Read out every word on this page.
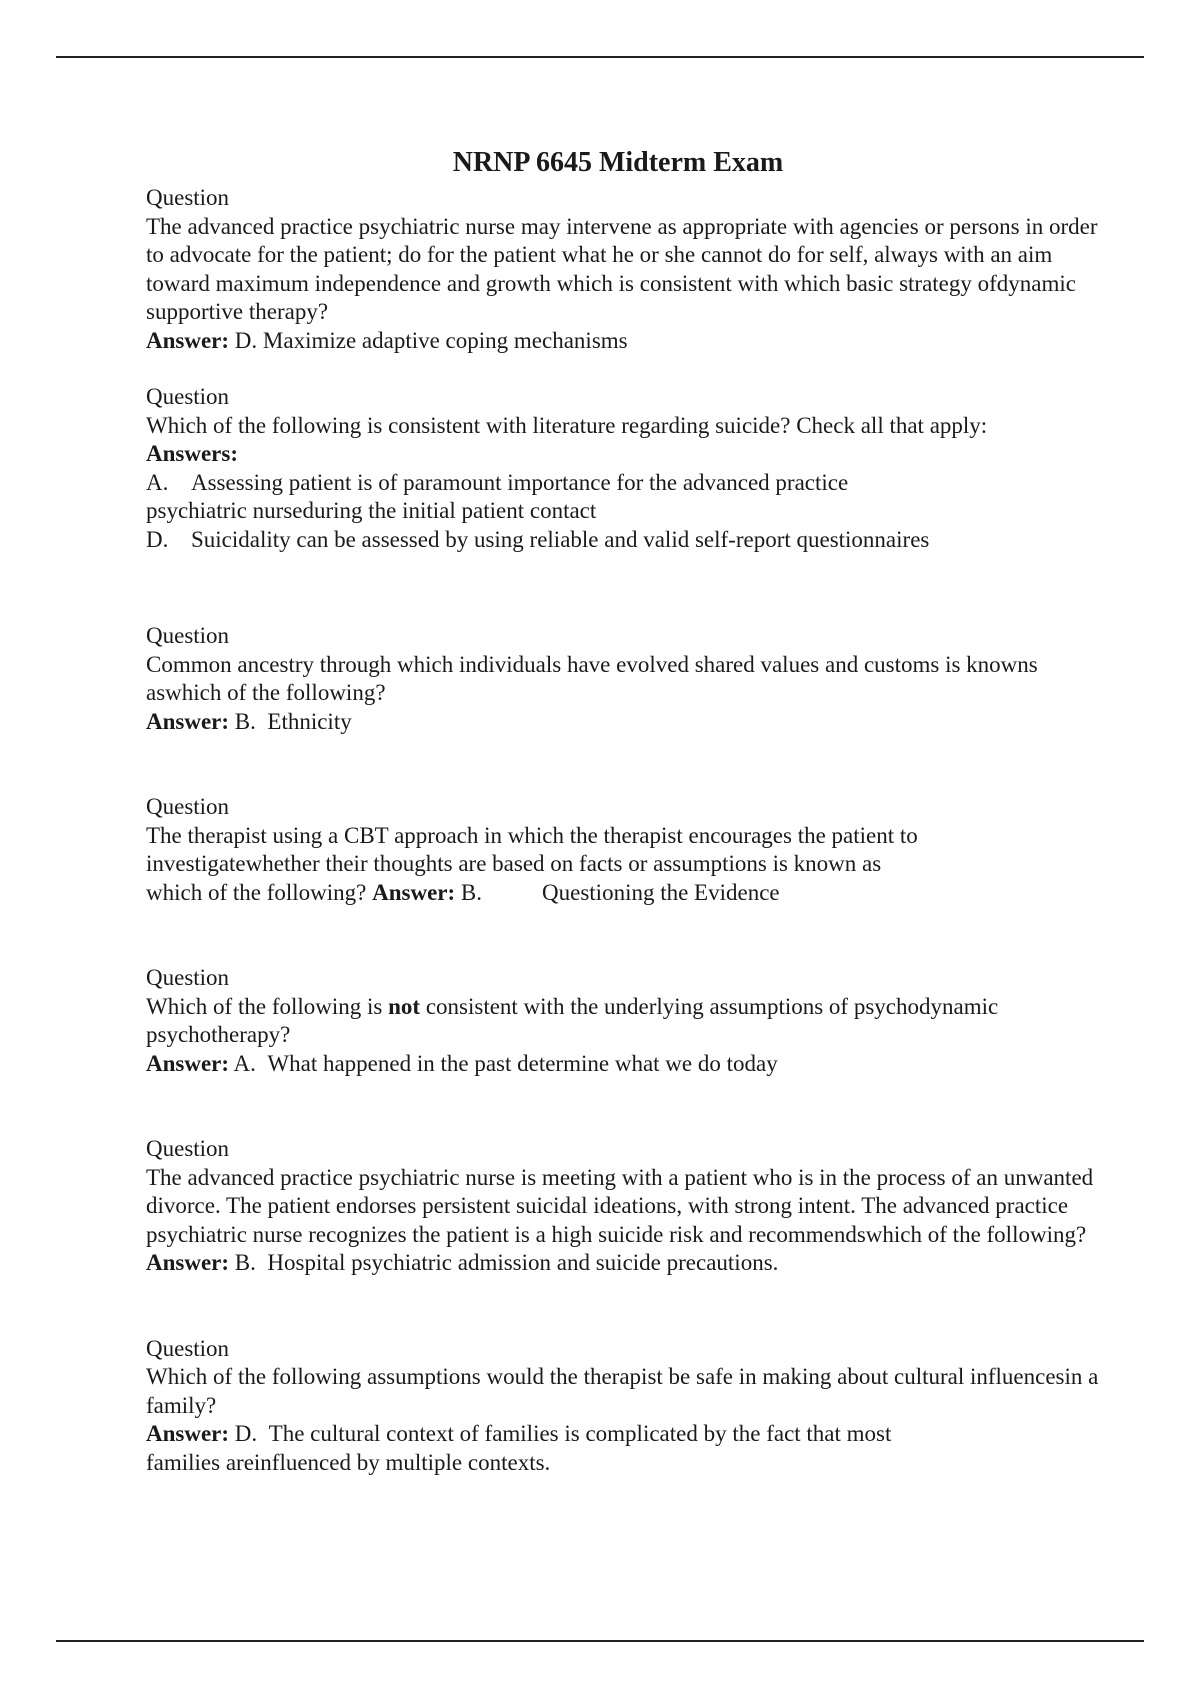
NRNP 6645 Midterm Exam

Question

The advanced practice psychiatric nurse may intervene as appropriate with agencies or persons in order to advocate for the patient; do for the patient what he or she cannot do for self, always with an aim toward maximum independence and growth which is consistent with which basic strategy ofdynamic supportive therapy?

Answer: D. Maximize adaptive coping mechanisms

Question

Which of the following is consistent with literature regarding suicide? Check all that apply:

Answers:

A. Assessing patient is of paramount importance for the advanced practice

psychiatric nurseduring the initial patient contact

D. Suicidality can be assessed by using reliable and valid self-report questionnaires

Question

Common ancestry through which individuals have evolved shared values and customs is knowns aswhich of the following?

Answer: B. Ethnicity

Question

The therapist using a CBT approach in which the therapist encourages the patient to

investigatewhether their thoughts are based on facts or assumptions is known as

which of the following? Answer: B.	Questioning the Evidence

Question

Which of the following is not consistent with the underlying assumptions of psychodynamic psychotherapy?

Answer: A. What happened in the past determine what we do today

Question

The advanced practice psychiatric nurse is meeting with a patient who is in the process of an unwanted divorce. The patient endorses persistent suicidal ideations, with strong intent. The advanced practice psychiatric nurse recognizes the patient is a high suicide risk and recommendswhich of the following?

Answer: B. Hospital psychiatric admission and suicide precautions.

Question

Which of the following assumptions would the therapist be safe in making about cultural influencesin a family?

Answer: D. The cultural context of families is complicated by the fact that most

families areinfluenced by multiple contexts.
